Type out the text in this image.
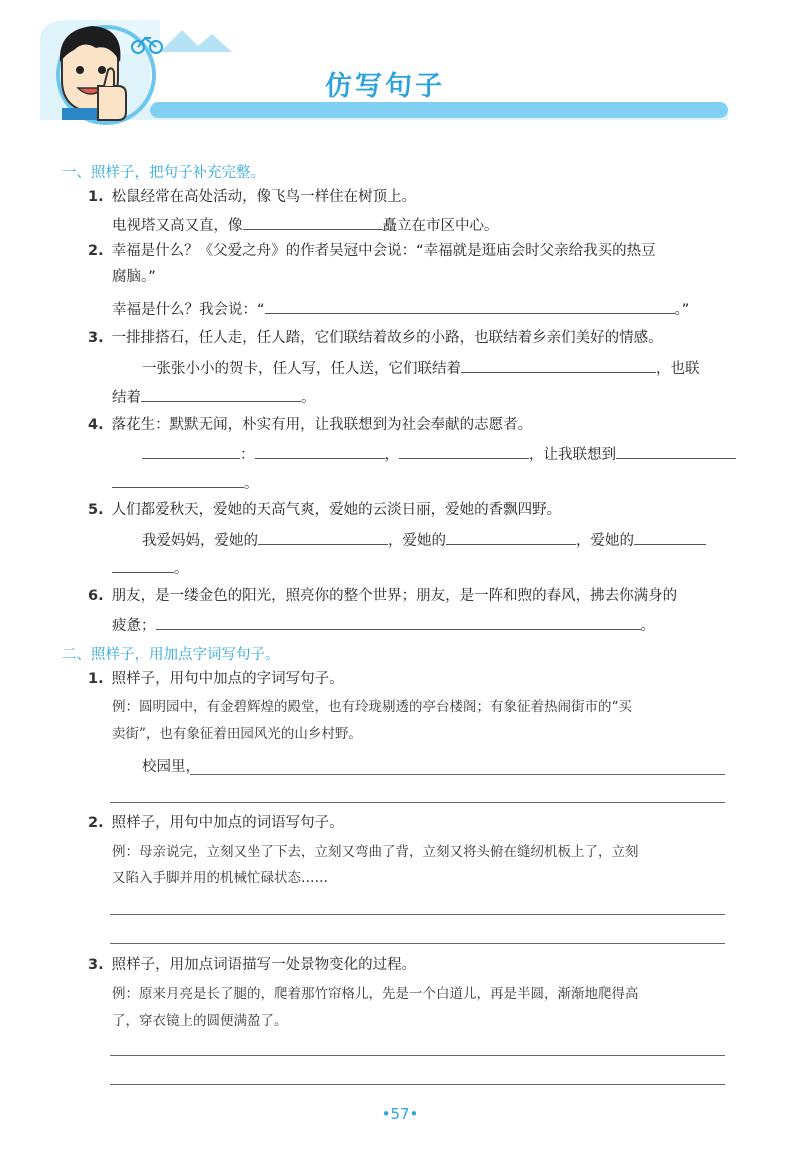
仿写句子
一、照样子，把句子补充完整。
1. 松鼠经常在高处活动，像飞鸟一样住在树顶上。
电视塔又高又直，像	矗立在市区中心。
2. 幸福是什么？《父爱之舟》的作者吴冠中会说：“幸福就是逛庙会时父亲给我买的热豆
腐脑。”
幸福是什么？我会说：“	。”
3. 一排排搭石，任人走，任人踏，它们联结着故乡的小路，也联结着乡亲们美好的情感。
一张张小小的贺卡，任人写，任人送，它们联结着	，也联
结着	。
4. 落花生：默默无闻，朴实有用，让我联想到为社会奉献的志愿者。
：	，	，让我联想到
。
5. 人们都爱秋天，爱她的天高气爽，爱她的云淡日丽，爱她的香飘四野。
我爱妈妈，爱她的	，爱她的	，爱她的
。
6. 朋友，是一缕金色的阳光，照亮你的整个世界；朋友，是一阵和煦的春风，拂去你满身的
疲惫；	。
二、照样子，用加点字词写句子。
1. 照样子，用句中加点的字词写句子。
例：圆明园中，有金碧辉煌的殿堂，也有玲珑剔透的亭台楼阁；有象征着热闹街市的“买
卖街”，也有象征着田园风光的山乡村野。
校园里，
2. 照样子，用句中加点的词语写句子。
例：母亲说完，立刻又坐了下去，立刻又弯曲了背，立刻又将头俯在缝纫机板上了，立刻
又陷入手脚并用的机械忙碌状态……
3. 照样子，用加点词语描写一处景物变化的过程。
例：原来月亮是长了腿的，爬着那竹帘格儿，先是一个白道儿，再是半圆，渐渐地爬得高
了，穿衣镜上的圆便满盈了。
•57•
